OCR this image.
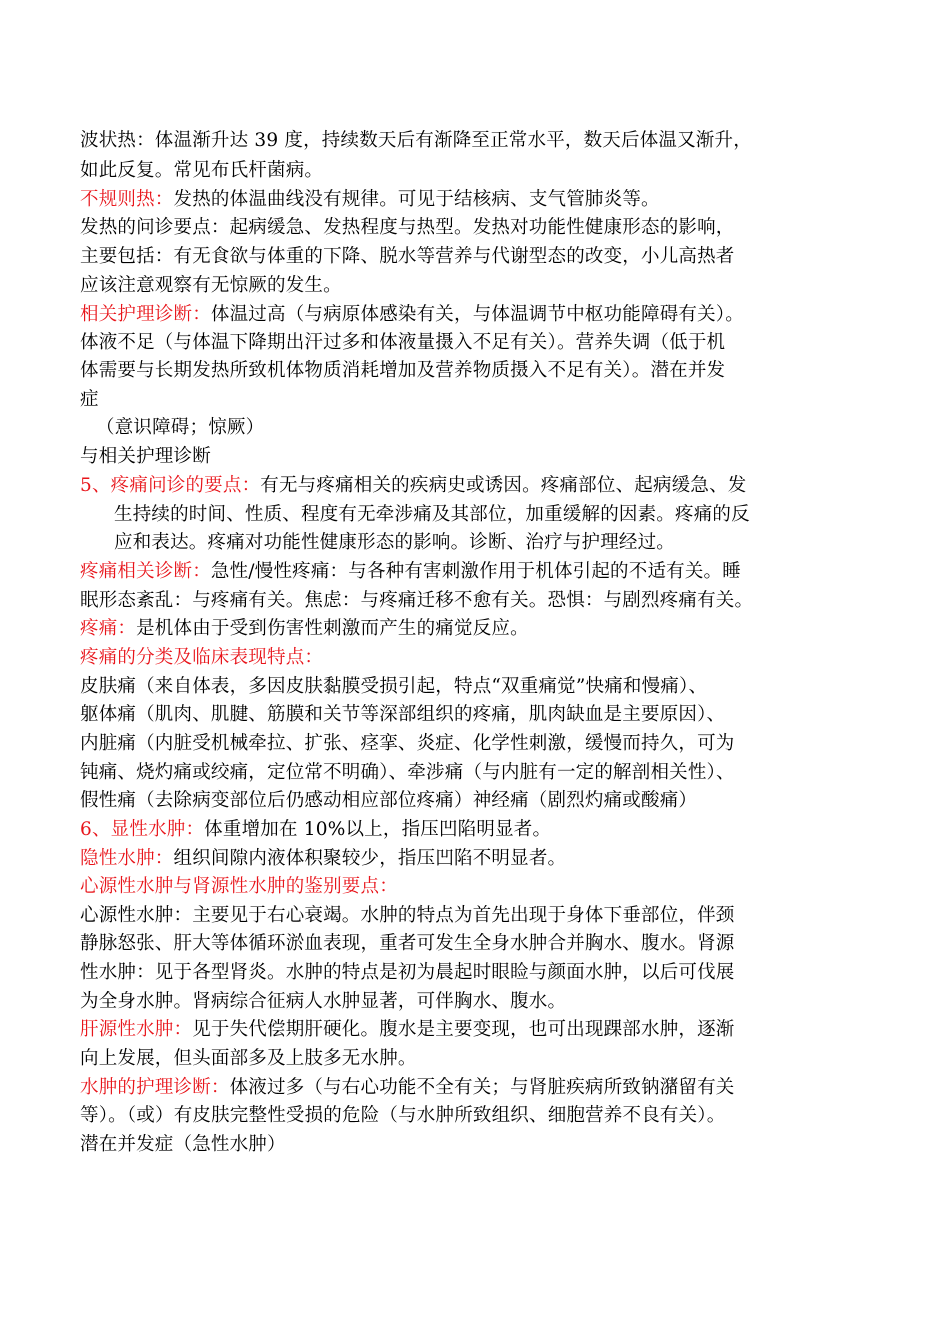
波状热：体温渐升达 39 度，持续数天后有渐降至正常水平，数天后体温又渐升，
如此反复。常见布氏杆菌病。
不规则热：发热的体温曲线没有规律。可见于结核病、支气管肺炎等。
发热的问诊要点：起病缓急、发热程度与热型。发热对功能性健康形态的影响，
主要包括：有无食欲与体重的下降、脱水等营养与代谢型态的改变，小儿高热者
应该注意观察有无惊厥的发生。
相关护理诊断：体温过高（与病原体感染有关，与体温调节中枢功能障碍有关）。
体液不足（与体温下降期出汗过多和体液量摄入不足有关）。营养失调（低于机
体需要与长期发热所致机体物质消耗增加及营养物质摄入不足有关）。潜在并发
症
（意识障碍；惊厥）
与相关护理诊断
5、疼痛问诊的要点：有无与疼痛相关的疾病史或诱因。疼痛部位、起病缓急、发
生持续的时间、性质、程度有无牵涉痛及其部位，加重缓解的因素。疼痛的反
应和表达。疼痛对功能性健康形态的影响。诊断、治疗与护理经过。
疼痛相关诊断：急性/慢性疼痛：与各种有害刺激作用于机体引起的不适有关。睡
眠形态紊乱：与疼痛有关。焦虑：与疼痛迁移不愈有关。恐惧：与剧烈疼痛有关。
疼痛：是机体由于受到伤害性刺激而产生的痛觉反应。
疼痛的分类及临床表现特点：
皮肤痛（来自体表，多因皮肤黏膜受损引起，特点“双重痛觉”快痛和慢痛）、
躯体痛（肌肉、肌腱、筋膜和关节等深部组织的疼痛，肌肉缺血是主要原因）、
内脏痛（内脏受机械牵拉、扩张、痉挛、炎症、化学性刺激，缓慢而持久，可为
钝痛、烧灼痛或绞痛，定位常不明确）、牵涉痛（与内脏有一定的解剖相关性）、
假性痛（去除病变部位后仍感动相应部位疼痛）神经痛（剧烈灼痛或酸痛）
6、显性水肿：体重增加在 10%以上，指压凹陷明显者。
隐性水肿：组织间隙内液体积聚较少，指压凹陷不明显者。
心源性水肿与肾源性水肿的鉴别要点：
心源性水肿：主要见于右心衰竭。水肿的特点为首先出现于身体下垂部位，伴颈
静脉怒张、肝大等体循环淤血表现，重者可发生全身水肿合并胸水、腹水。肾源
性水肿：见于各型肾炎。水肿的特点是初为晨起时眼睑与颜面水肿，以后可伐展
为全身水肿。肾病综合征病人水肿显著，可伴胸水、腹水。
肝源性水肿：见于失代偿期肝硬化。腹水是主要变现，也可出现踝部水肿，逐渐
向上发展，但头面部多及上肢多无水肿。
水肿的护理诊断：体液过多（与右心功能不全有关；与肾脏疾病所致钠潴留有关
等）。（或）有皮肤完整性受损的危险（与水肿所致组织、细胞营养不良有关）。
潜在并发症（急性水肿）
